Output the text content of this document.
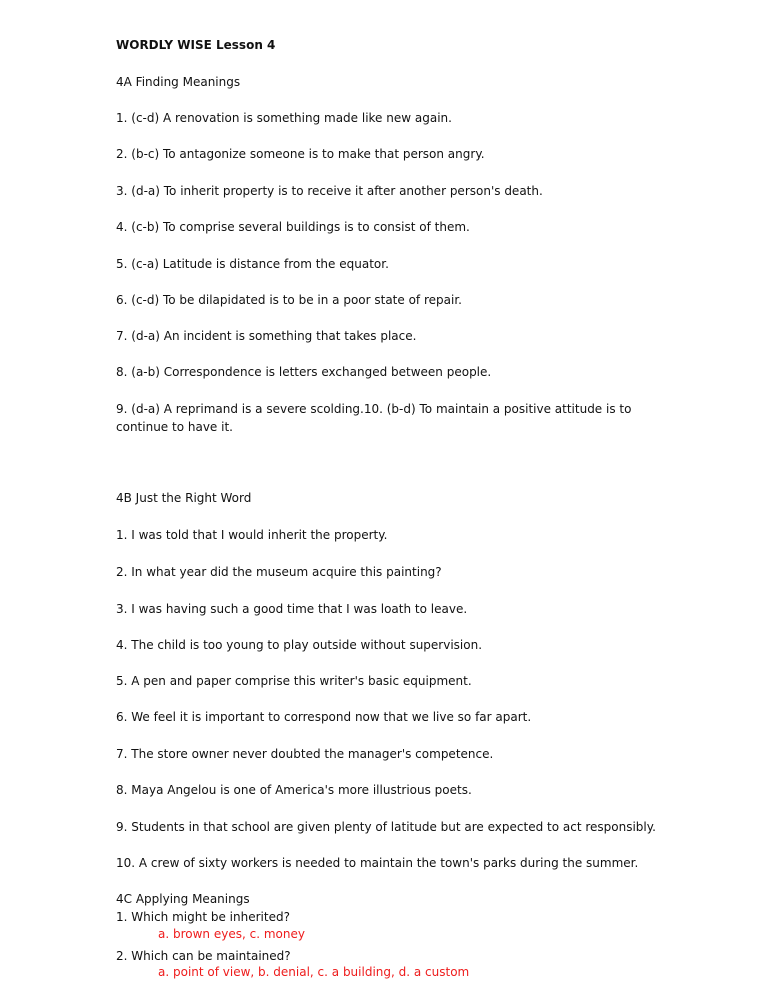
WORDLY WISE Lesson 4
4A Finding Meanings
1. (c-d) A renovation is something made like new again.
2. (b-c) To antagonize someone is to make that person angry.
3. (d-a) To inherit property is to receive it after another person's death.
4. (c-b) To comprise several buildings is to consist of them.
5. (c-a) Latitude is distance from the equator.
6. (c-d) To be dilapidated is to be in a poor state of repair.
7. (d-a) An incident is something that takes place.
8. (a-b) Correspondence is letters exchanged between people.
9. (d-a) A reprimand is a severe scolding.10. (b-d) To maintain a positive attitude is to
continue to have it.
4B Just the Right Word
1. I was told that I would inherit the property.
2. In what year did the museum acquire this painting?
3. I was having such a good time that I was loath to leave.
4. The child is too young to play outside without supervision.
5. A pen and paper comprise this writer's basic equipment.
6. We feel it is important to correspond now that we live so far apart.
7. The store owner never doubted the manager's competence.
8. Maya Angelou is one of America's more illustrious poets.
9. Students in that school are given plenty of latitude but are expected to act responsibly.
10. A crew of sixty workers is needed to maintain the town's parks during the summer.
4C Applying Meanings
1. Which might be inherited?
a. brown eyes, c. money
2. Which can be maintained?
a. point of view, b. denial, c. a building, d. a custom
